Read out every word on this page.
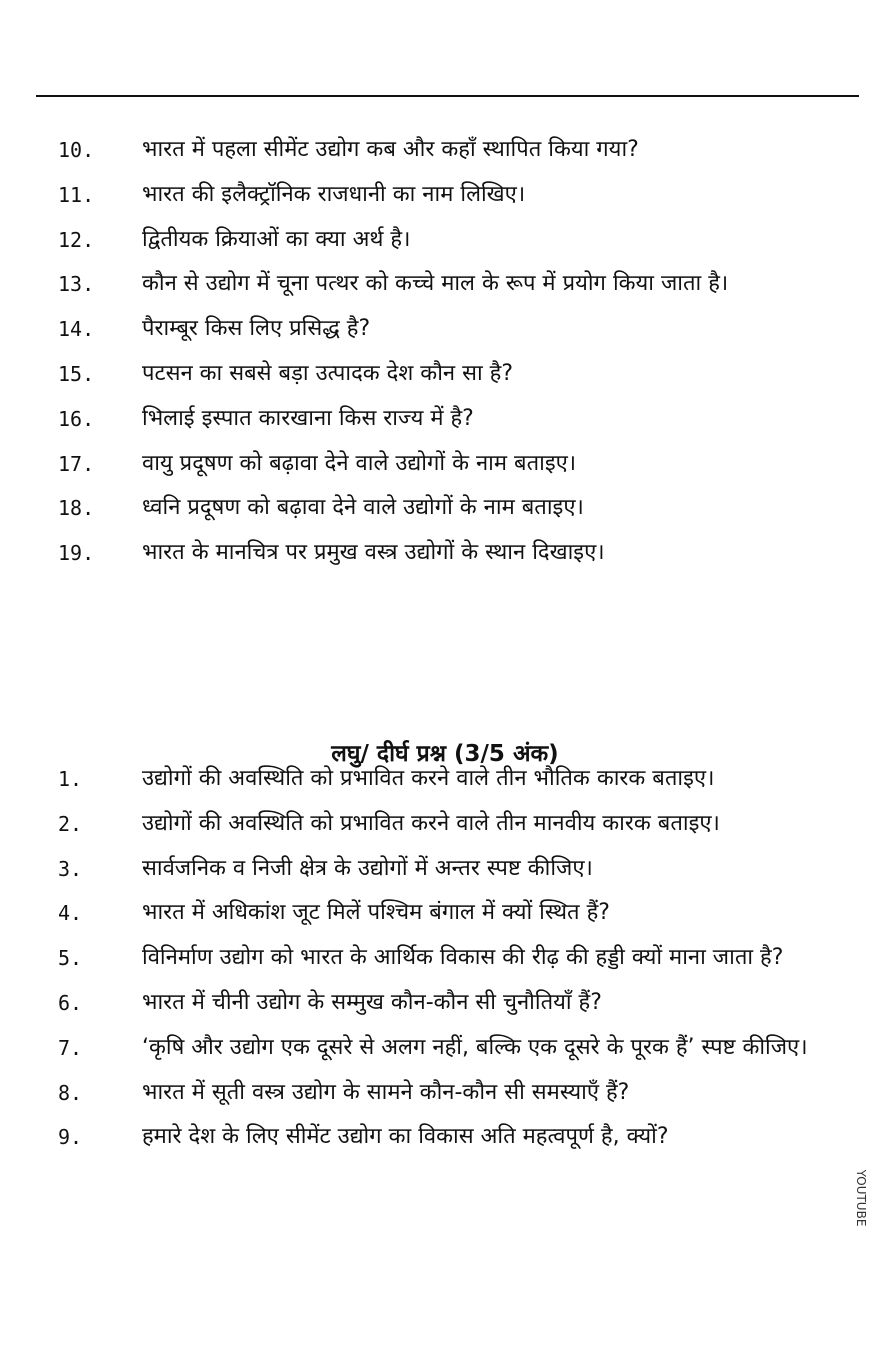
10. भारत में पहला सीमेंट उद्योग कब और कहाँ स्थापित किया गया?
11. भारत की इलैक्ट्रॉनिक राजधानी का नाम लिखिए।
12. द्वितीयक क्रियाओं का क्या अर्थ है।
13. कौन से उद्योग में चूना पत्थर को कच्चे माल के रूप में प्रयोग किया जाता है।
14. पैराम्बूर किस लिए प्रसिद्ध है?
15. पटसन का सबसे बड़ा उत्पादक देश कौन सा है?
16. भिलाई इस्पात कारखाना किस राज्य में है?
17. वायु प्रदूषण को बढ़ावा देने वाले उद्योगों के नाम बताइए।
18. ध्वनि प्रदूषण को बढ़ावा देने वाले उद्योगों के नाम बताइए।
19. भारत के मानचित्र पर प्रमुख वस्त्र उद्योगों के स्थान दिखाइए।
लघु/ दीर्घ प्रश्न (3/5 अंक)
1.	उद्योगों की अवस्थिति को प्रभावित करने वाले तीन भौतिक कारक बताइए।
2.	उद्योगों की अवस्थिति को प्रभावित करने वाले तीन मानवीय कारक बताइए।
3.	सार्वजनिक व निजी क्षेत्र के उद्योगों में अन्तर स्पष्ट कीजिए।
4.	भारत में अधिकांश जूट मिलें पश्चिम बंगाल में क्यों स्थित हैं?
5.	विनिर्माण उद्योग को भारत के आर्थिक विकास की रीढ़ की हड्डी क्यों माना जाता है?
6.	भारत में चीनी उद्योग के सम्मुख कौन-कौन सी चुनौतियाँ हैं?
7.	‘कृषि और उद्योग एक दूसरे से अलग नहीं, बल्कि एक दूसरे के पूरक हैं’ स्पष्ट कीजिए।
8.	भारत में सूती वस्त्र उद्योग के सामने कौन-कौन सी समस्याएँ हैं?
9.	हमारे देश के लिए सीमेंट उद्योग का विकास अति महत्वपूर्ण है, क्यों?
YOUTUBE
